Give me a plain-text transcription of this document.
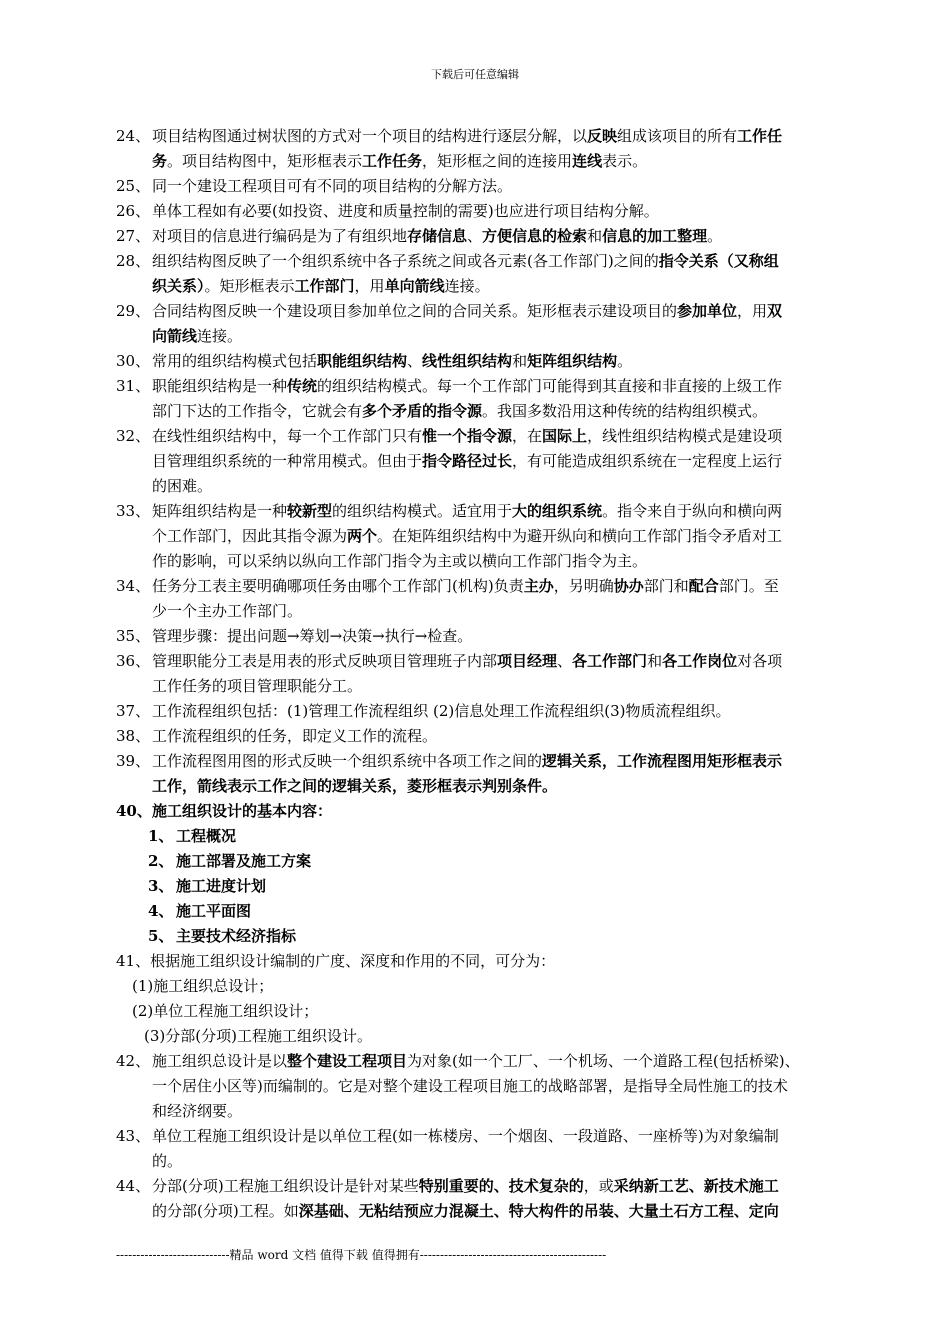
下载后可任意编辑
24、 项目结构图通过树状图的方式对一个项目的结构进行逐层分解，以反映组成该项目的所有工作任
务。项目结构图中，矩形框表示工作任务，矩形框之间的连接用连线表示。
25、 同一个建设工程项目可有不同的项目结构的分解方法。
26、 单体工程如有必要(如投资、进度和质量控制的需要)也应进行项目结构分解。
27、 对项目的信息进行编码是为了有组织地存储信息、方便信息的检索和信息的加工整理。
28、 组织结构图反映了一个组织系统中各子系统之间或各元素(各工作部门)之间的指令关系（又称组
织关系）。矩形框表示工作部门，用单向箭线连接。
29、 合同结构图反映一个建设项目参加单位之间的合同关系。矩形框表示建设项目的参加单位，用双
向箭线连接。
30、 常用的组织结构模式包括职能组织结构、线性组织结构和矩阵组织结构。
31、 职能组织结构是一种传统的组织结构模式。每一个工作部门可能得到其直接和非直接的上级工作
部门下达的工作指令，它就会有多个矛盾的指令源。我国多数沿用这种传统的结构组织模式。
32、 在线性组织结构中，每一个工作部门只有惟一个指令源，在国际上，线性组织结构模式是建设项
目管理组织系统的一种常用模式。但由于指令路径过长，有可能造成组织系统在一定程度上运行
的困难。
33、 矩阵组织结构是一种较新型的组织结构模式。适宜用于大的组织系统。指令来自于纵向和横向两
个工作部门，因此其指令源为两个。在矩阵组织结构中为避开纵向和横向工作部门指令矛盾对工
作的影响，可以采纳以纵向工作部门指令为主或以横向工作部门指令为主。
34、 任务分工表主要明确哪项任务由哪个工作部门(机构)负责主办，另明确协办部门和配合部门。至
少一个主办工作部门。
35、 管理步骤：提出问题→筹划→决策→执行→检查。
36、 管理职能分工表是用表的形式反映项目管理班子内部项目经理、各工作部门和各工作岗位对各项
工作任务的项目管理职能分工。
37、 工作流程组织包括：(1)管理工作流程组织 (2)信息处理工作流程组织(3)物质流程组织。
38、 工作流程组织的任务，即定义工作的流程。
39、 工作流程图用图的形式反映一个组织系统中各项工作之间的逻辑关系，工作流程图用矩形框表示
工作，箭线表示工作之间的逻辑关系，菱形框表示判别条件。
40、 施工组织设计的基本内容：
1、 工程概况
2、 施工部署及施工方案
3、 施工进度计划
4、 施工平面图
5、 主要技术经济指标
41、根据施工组织设计编制的广度、深度和作用的不同，可分为：
(1)施工组织总设计；
(2)单位工程施工组织设计；
(3)分部(分项)工程施工组织设计。
42、 施工组织总设计是以整个建设工程项目为对象(如一个工厂、一个机场、一个道路工程(包括桥梁)、
一个居住小区等)而编制的。它是对整个建设工程项目施工的战略部署，是指导全局性施工的技术
和经济纲要。
43、 单位工程施工组织设计是以单位工程(如一栋楼房、一个烟囱、一段道路、一座桥等)为对象编制
的。
44、 分部(分项)工程施工组织设计是针对某些特别重要的、技术复杂的，或采纳新工艺、新技术施工
的分部(分项)工程。如深基础、无粘结预应力混凝土、特大构件的吊装、大量土石方工程、定向
----------------------------精品 word 文档 值得下载 值得拥有----------------------------------------------
